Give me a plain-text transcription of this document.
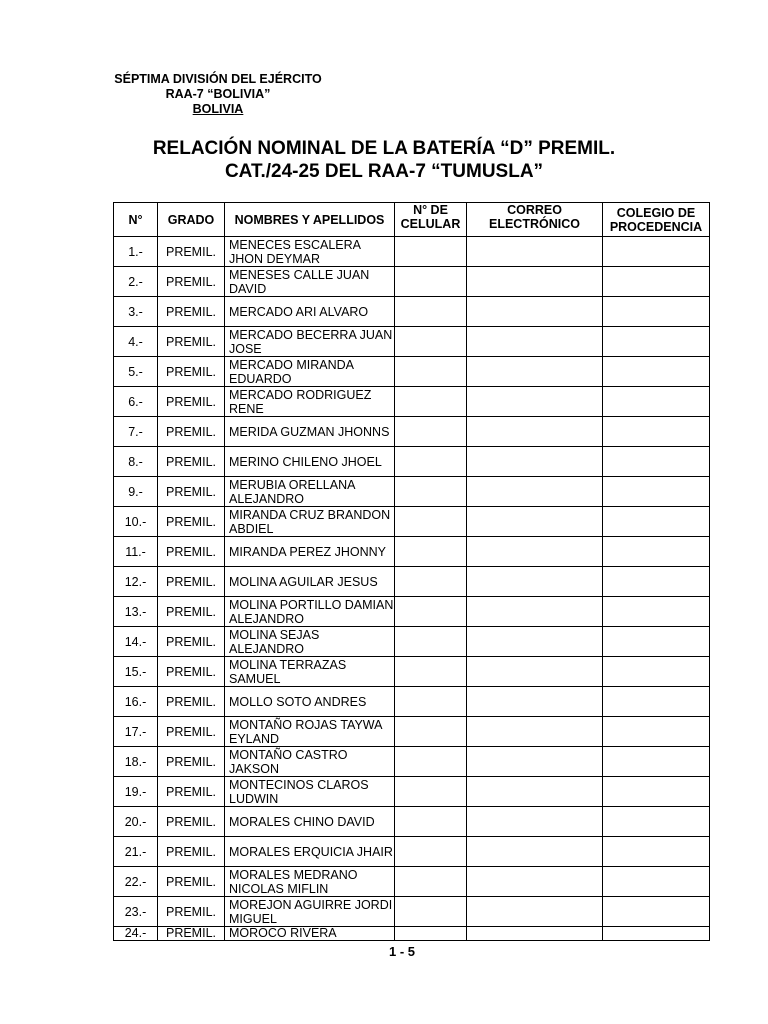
SÉPTIMA DIVISIÓN DEL EJÉRCITO
RAA-7 “BOLIVIA”
BOLIVIA
RELACIÓN NOMINAL DE LA BATERÍA “D” PREMIL.
CAT./24-25 DEL RAA-7 “TUMUSLA”
N°	GRADO	NOMBRES Y APELLIDOS	N° DE CELULAR	CORREO ELECTRÓNICO	COLEGIO DE PROCEDENCIA
1.-	PREMIL.	MENECES ESCALERA JHON DEYMAR			
2.-	PREMIL.	MENESES CALLE JUAN DAVID			
3.-	PREMIL.	MERCADO ARI ALVARO			
4.-	PREMIL.	MERCADO BECERRA JUAN JOSE			
5.-	PREMIL.	MERCADO MIRANDA EDUARDO			
6.-	PREMIL.	MERCADO RODRIGUEZ RENE			
7.-	PREMIL.	MERIDA GUZMAN JHONNS			
8.-	PREMIL.	MERINO CHILENO JHOEL			
9.-	PREMIL.	MERUBIA ORELLANA ALEJANDRO			
10.-	PREMIL.	MIRANDA CRUZ BRANDON ABDIEL			
11.-	PREMIL.	MIRANDA PEREZ JHONNY			
12.-	PREMIL.	MOLINA AGUILAR JESUS			
13.-	PREMIL.	MOLINA PORTILLO DAMIAN ALEJANDRO			
14.-	PREMIL.	MOLINA SEJAS ALEJANDRO			
15.-	PREMIL.	MOLINA TERRAZAS SAMUEL			
16.-	PREMIL.	MOLLO SOTO ANDRES			
17.-	PREMIL.	MONTAÑO ROJAS TAYWA EYLAND			
18.-	PREMIL.	MONTAÑO CASTRO JAKSON			
19.-	PREMIL.	MONTECINOS CLAROS LUDWIN			
20.-	PREMIL.	MORALES CHINO DAVID			
21.-	PREMIL.	MORALES ERQUICIA JHAIR			
22.-	PREMIL.	MORALES MEDRANO NICOLAS MIFLIN			
23.-	PREMIL.	MOREJON AGUIRRE JORDI MIGUEL			
24.-	PREMIL.	MOROCO RIVERA			
1 - 5
